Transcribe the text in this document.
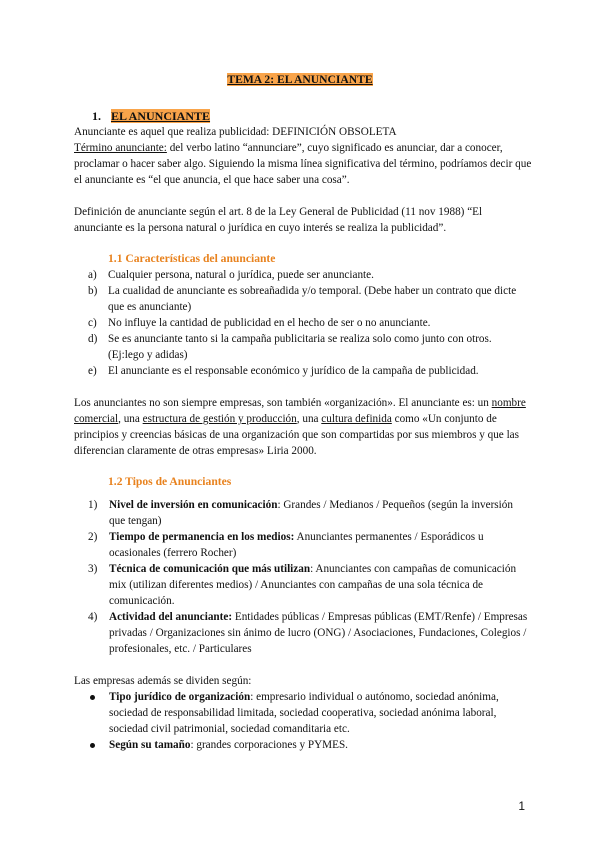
TEMA 2: EL ANUNCIANTE
1. EL ANUNCIANTE
Anunciante es aquel que realiza publicidad: DEFINICIÓN OBSOLETA
Término anunciante: del verbo latino “annunciare”, cuyo significado es anunciar, dar a conocer, proclamar o hacer saber algo. Siguiendo la misma línea significativa del término, podríamos decir que el anunciante es “el que anuncia, el que hace saber una cosa”.
Definición de anunciante según el art. 8 de la Ley General de Publicidad (11 nov 1988) “El anunciante es la persona natural o jurídica en cuyo interés se realiza la publicidad”.
1.1 Características del anunciante
a) Cualquier persona, natural o jurídica, puede ser anunciante.
b) La cualidad de anunciante es sobreañadida y/o temporal. (Debe haber un contrato que dicte que es anunciante)
c) No influye la cantidad de publicidad en el hecho de ser o no anunciante.
d) Se es anunciante tanto si la campaña publicitaria se realiza solo como junto con otros. (Ej:lego y adidas)
e) El anunciante es el responsable económico y jurídico de la campaña de publicidad.
Los anunciantes no son siempre empresas, son también «organización». El anunciante es: un nombre comercial, una estructura de gestión y producción, una cultura definida como «Un conjunto de principios y creencias básicas de una organización que son compartidas por sus miembros y que las diferencian claramente de otras empresas» Liria 2000.
1.2 Tipos de Anunciantes
1) Nivel de inversión en comunicación: Grandes / Medianos / Pequeños (según la inversión que tengan)
2) Tiempo de permanencia en los medios: Anunciantes permanentes / Esporádicos u ocasionales (ferrero Rocher)
3) Técnica de comunicación que más utilizan: Anunciantes con campañas de comunicación mix (utilizan diferentes medios) / Anunciantes con campañas de una sola técnica de comunicación.
4) Actividad del anunciante: Entidades públicas / Empresas públicas (EMT/Renfe) / Empresas privadas / Organizaciones sin ánimo de lucro (ONG) / Asociaciones, Fundaciones, Colegios / profesionales, etc. / Particulares
Las empresas además se dividen según:
Tipo jurídico de organización: empresario individual o autónomo, sociedad anónima, sociedad de responsabilidad limitada, sociedad cooperativa, sociedad anónima laboral, sociedad civil patrimonial, sociedad comanditaria etc.
Según su tamaño: grandes corporaciones y PYMES.
1
